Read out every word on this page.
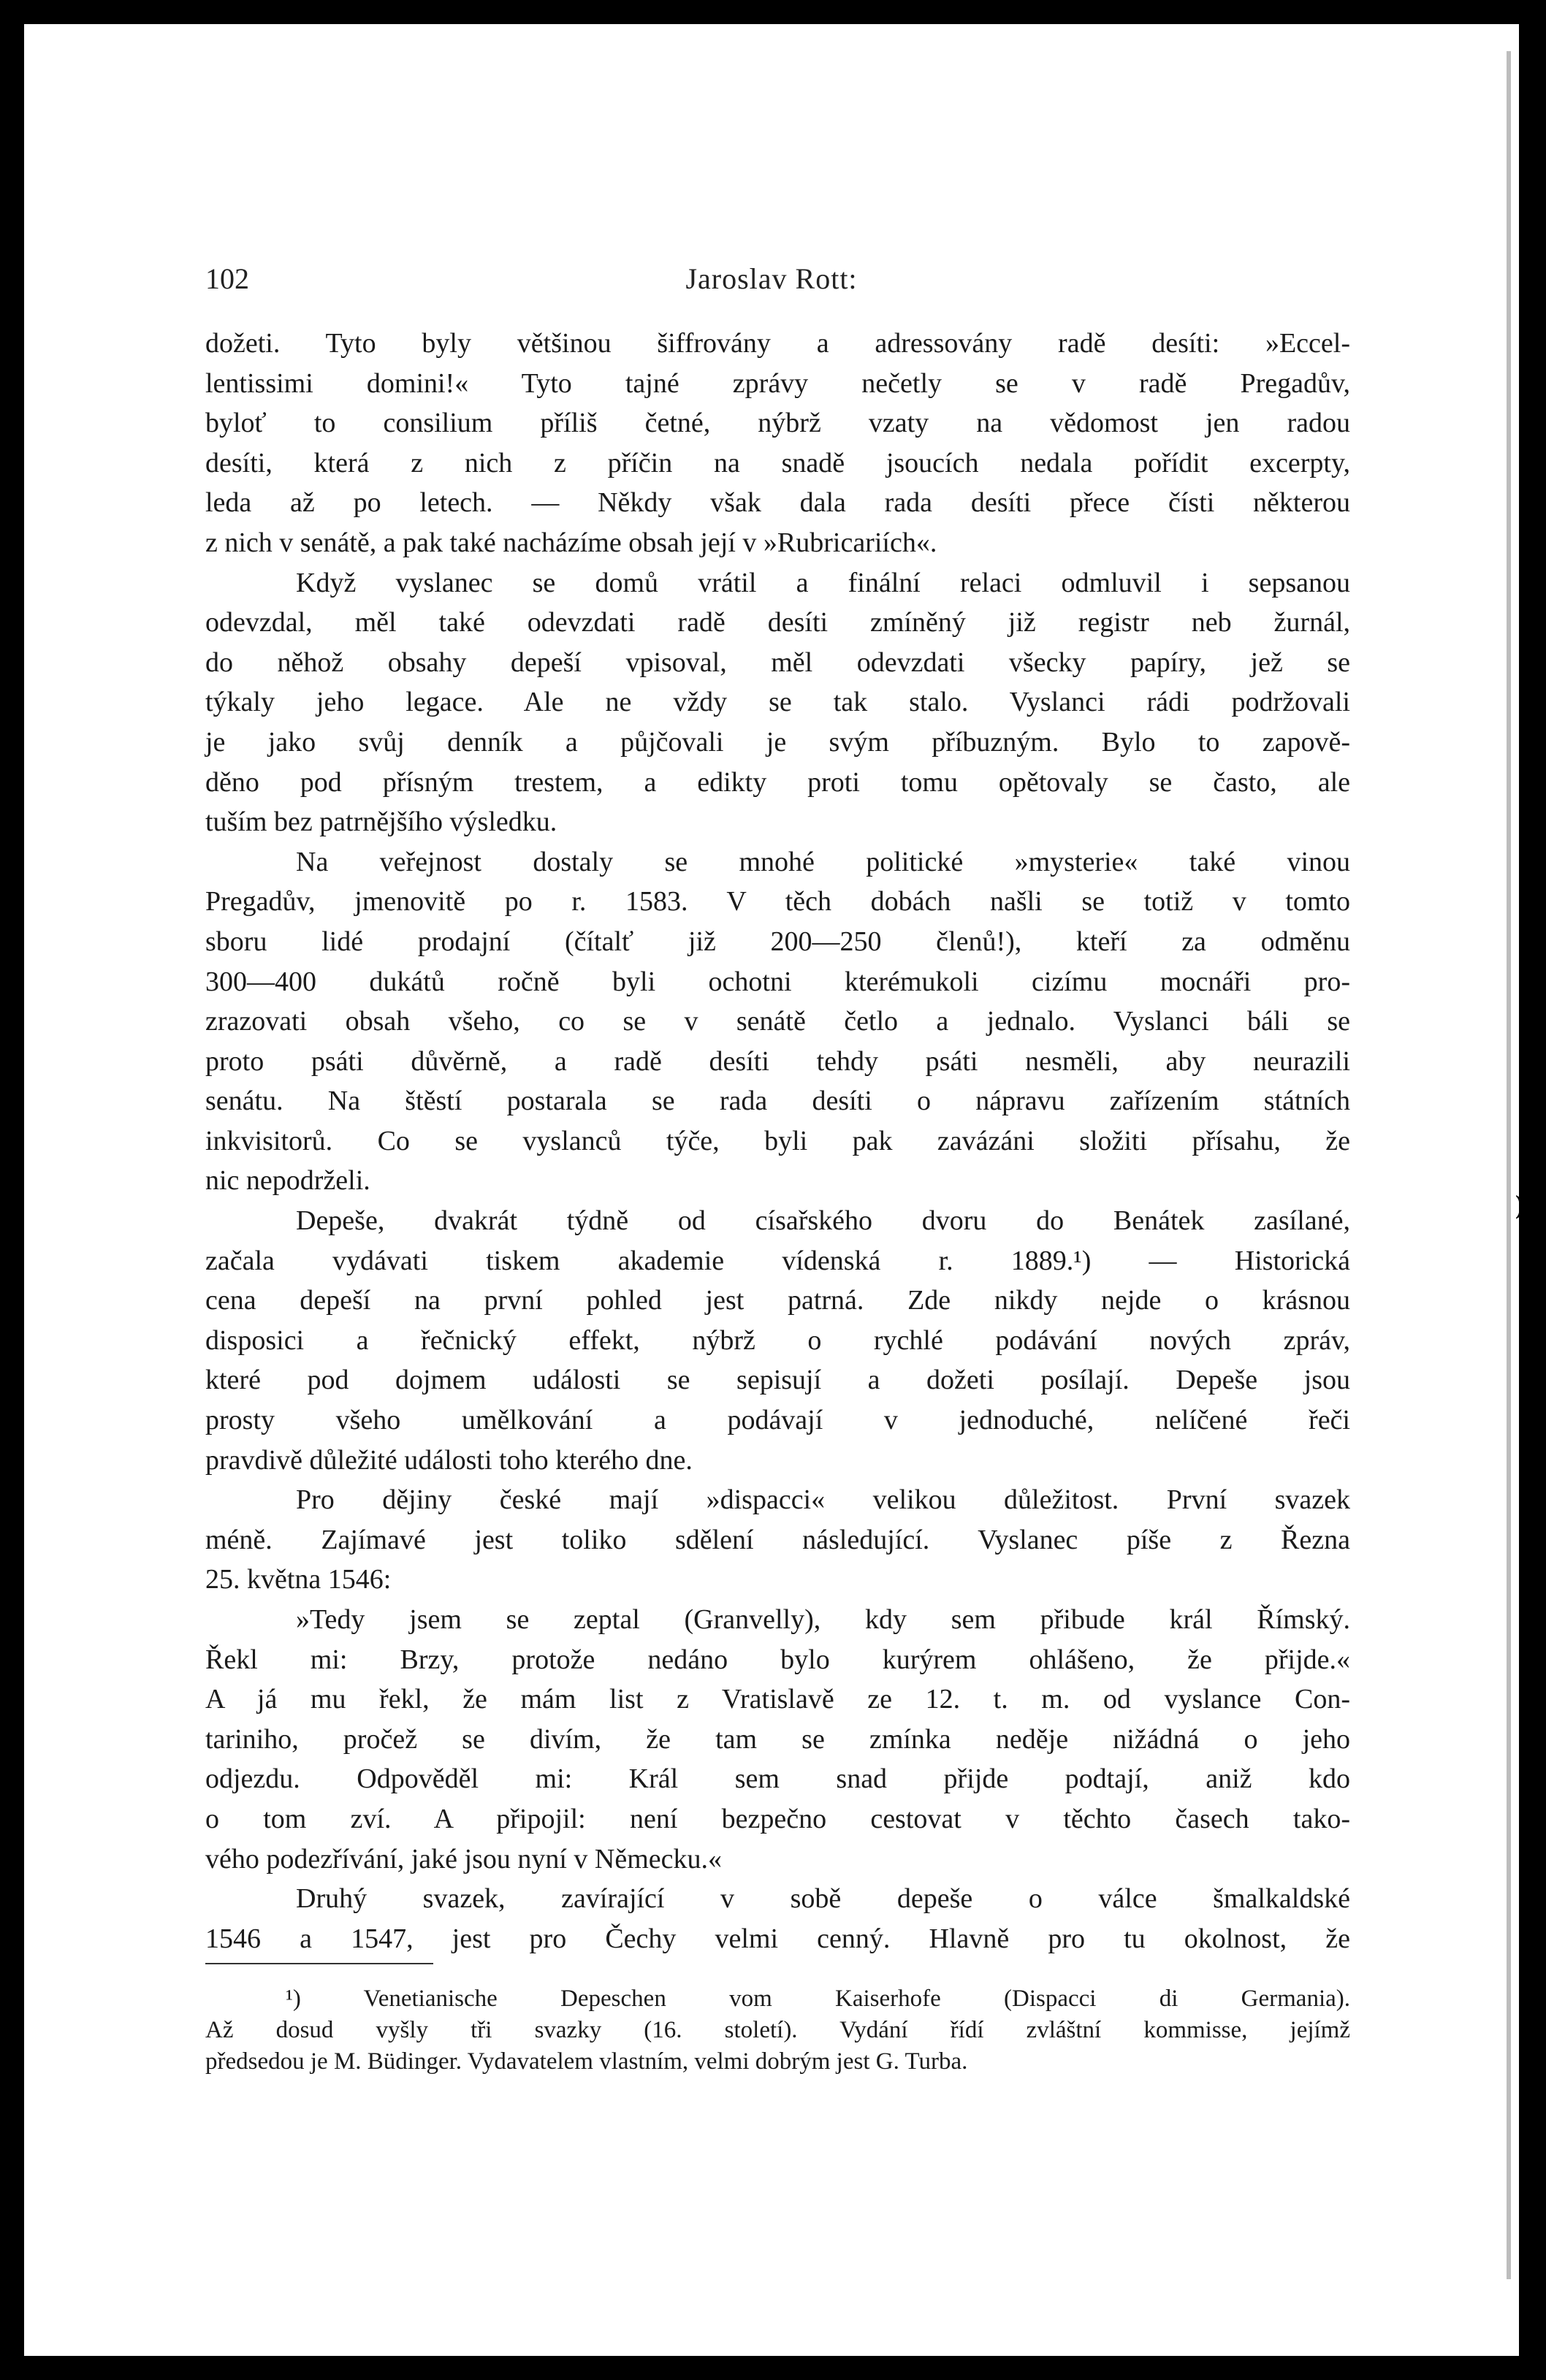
102	Jaroslav Rott:
dožeti. Tyto byly většinou šiffrovány a adressovány radě desíti: »Eccel-
lentissimi domini!« Tyto tajné zprávy nečetly se v radě Pregadův,
byloť to consilium příliš četné, nýbrž vzaty na vědomost jen radou
desíti, která z nich z příčin na snadě jsoucích nedala pořídit excerpty,
leda až po letech. — Někdy však dala rada desíti přece čísti některou
z nich v senátě, a pak také nacházíme obsah její v »Rubricariích«.
Když vyslanec se domů vrátil a finální relaci odmluvil i sepsanou
odevzdal, měl také odevzdati radě desíti zmíněný již registr neb žurnál,
do něhož obsahy depeší vpisoval, měl odevzdati všecky papíry, jež se
týkaly jeho legace. Ale ne vždy se tak stalo. Vyslanci rádi podržovali
je jako svůj denník a půjčovali je svým příbuzným. Bylo to zapově-
děno pod přísným trestem, a edikty proti tomu opětovaly se často, ale
tuším bez patrnějšího výsledku.
Na veřejnost dostaly se mnohé politické »mysterie« také vinou
Pregadův, jmenovitě po r. 1583. V těch dobách našli se totiž v tomto
sboru lidé prodajní (čítalť již 200—250 členů!), kteří za odměnu
300—400 dukátů ročně byli ochotni kterémukoli cizímu mocnáři pro-
zrazovati obsah všeho, co se v senátě četlo a jednalo. Vyslanci báli se
proto psáti důvěrně, a radě desíti tehdy psáti nesměli, aby neurazili
senátu. Na štěstí postarala se rada desíti o nápravu zařízením státních
inkvisitorů. Co se vyslanců týče, byli pak zavázáni složiti přísahu, že
nic nepodrželi.
Depeše, dvakrát týdně od císařského dvoru do Benátek zasílané,
začala vydávati tiskem akademie vídenská r. 1889.¹) — Historická
cena depeší na první pohled jest patrná. Zde nikdy nejde o krásnou
disposici a řečnický effekt, nýbrž o rychlé podávání nových zpráv,
které pod dojmem události se sepisují a dožeti posílají. Depeše jsou
prosty všeho umělkování a podávají v jednoduché, nelíčené řeči
pravdivě důležité události toho kterého dne.
Pro dějiny české mají »dispacci« velikou důležitost. První svazek
méně. Zajímavé jest toliko sdělení následující. Vyslanec píše z Řezna
25. května 1546:
»Tedy jsem se zeptal (Granvelly), kdy sem přibude král Římský.
Řekl mi: Brzy, protože nedáno bylo kurýrem ohlášeno, že přijde.«
A já mu řekl, že mám list z Vratislavě ze 12. t. m. od vyslance Con-
tariniho, pročež se divím, že tam se zmínka neděje nižádná o jeho
odjezdu. Odpověděl mi: Král sem snad přijde podtají, aniž kdo
o tom zví. A připojil: není bezpečno cestovat v těchto časech tako-
vého podezřívání, jaké jsou nyní v Německu.«
Druhý svazek, zavírající v sobě depeše o válce šmalkaldské
1546 a 1547, jest pro Čechy velmi cenný. Hlavně pro tu okolnost, že
¹) Venetianische Depeschen vom Kaiserhofe (Dispacci di Germania).
Až dosud vyšly tři svazky (16. století). Vydání řídí zvláštní kommisse, jejímž
předsedou je M. Büdinger. Vydavatelem vlastním, velmi dobrým jest G. Turba.
)
►
